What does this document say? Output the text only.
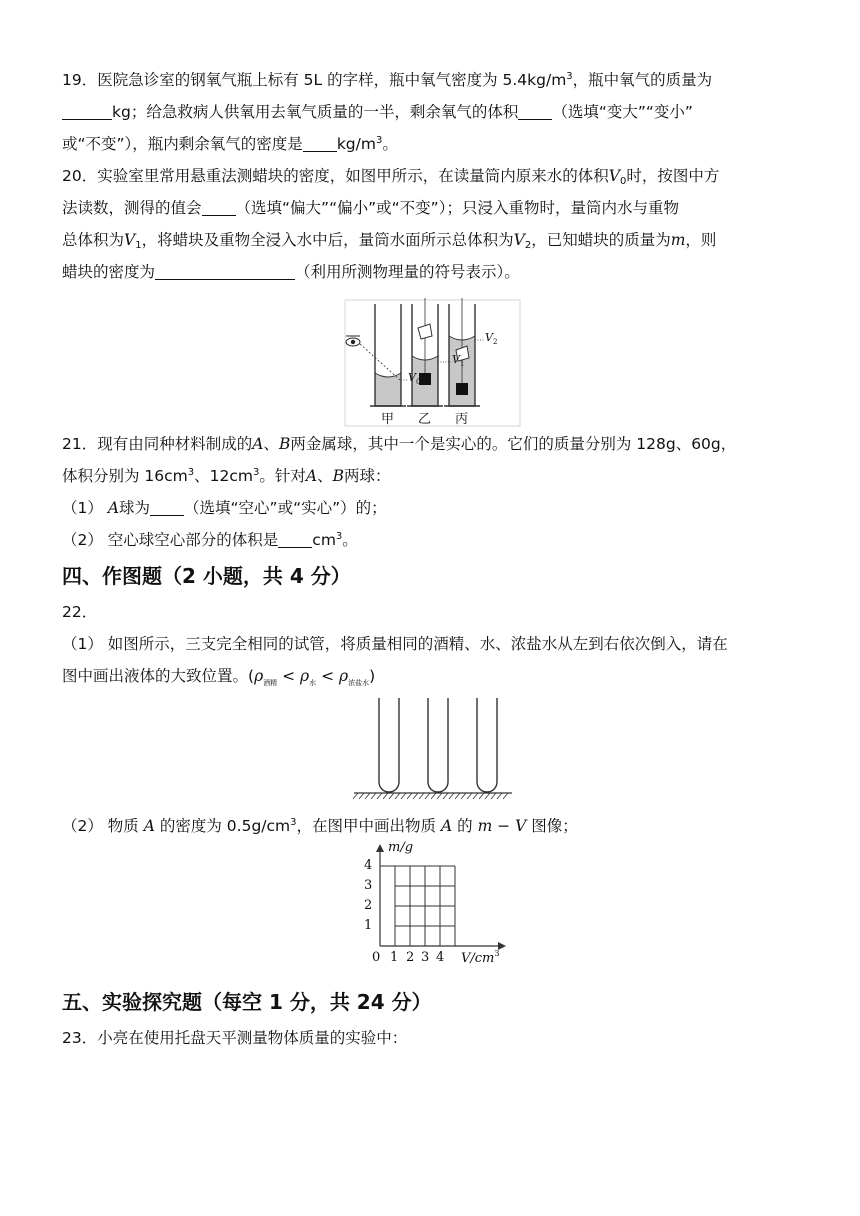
19．医院急诊室的钢氧气瓶上标有 5L 的字样，瓶中氧气密度为 $5.4kg/m^3$，瓶中氧气的质量为

kg；给急救病人供氧用去氧气质量的一半，剩余氧气的体积 （选填“变大”“变小”

或“不变”），瓶内剩余氧气的密度是 $kg/m^3$。

20．实验室里常用悬重法测蜡块的密度，如图甲所示，在读量筒内原来水的体积$V_0$时，按图中方

法读数，测得的值会 （选填“偏大”“偏小”或“不变”）；只浸入重物时，量筒内水与重物

总体积为$V_1$，将蜡块及重物全浸入水中后，量筒水面所示总体积为$V_2$，已知蜡块的质量为m，则

蜡块的密度为	（利用所测物理量的符号表示）。

$V_0$
$V_1$
$V_2$
甲 乙 丙

21．现有由同种材料制成的A、B两金属球，其中一个是实心的。它们的质量分别为 128g、60g，

体积分别为 $16cm^3$、$12cm^3$。针对A、B两球：

（1） A球为 （选填“空心”或“实心”）的；

（2） 空心球空心部分的体积是 $cm^3$。

四、作图题（2 小题，共 4 分）

22．

（1） 如图所示，三支完全相同的试管，将质量相同的酒精、水、浓盐水从左到右依次倒入，请在

图中画出液体的大致位置。$(\rho_{酒精} < \rho_水 < \rho_{浓盐水})$

（2） 物质 A 的密度为 $0.5g/cm^3$，在图甲中画出物质 A 的 m − V 图像；

m/g
4
3
2
1
0 1 2 3 4 $V/cm^3$
五、实验探究题（每空 1 分，共 24 分）

23．小亮在使用托盘天平测量物体质量的实验中：
